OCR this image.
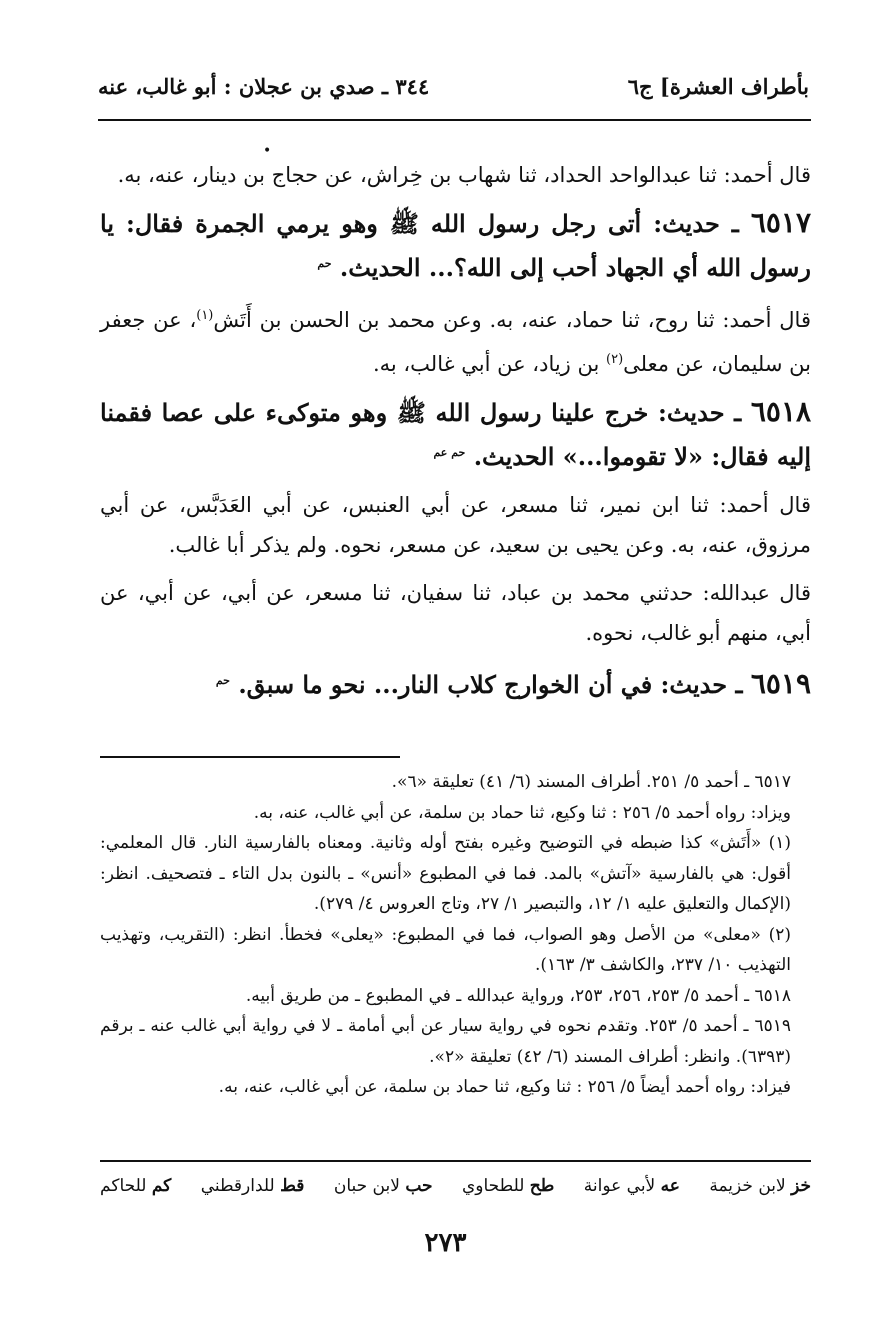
بأطراف العشرة] ج٦
٣٤٤ ـ صدي بن عجلان : أبو غالب، عنه
•

قال أحمد: ثنا عبدالواحد الحداد، ثنا شهاب بن خِراش، عن حجاج بن دينار، عنه، به.

٦٥١٧ ـ حديث: أتى رجل رسول الله ﷺ وهو يرمي الجمرة فقال: يا رسول الله أي الجهاد أحب إلى الله؟... الحديث. $^{حم}$

قال أحمد: ثنا روح، ثنا حماد، عنه، به. وعن محمد بن الحسن بن أَتَش$^{(١)}$، عن جعفر بن سليمان، عن معلى$^{(٢)}$ بن زياد، عن أبي غالب، به.

٦٥١٨ ـ حديث: خرج علينا رسول الله ﷺ وهو متوكىء على عصا فقمنا إليه فقال: «لا تقوموا...» الحديث. $^{حم عم}$

قال أحمد: ثنا ابن نمير، ثنا مسعر، عن أبي العنبس، عن أبي العَدَبَّس، عن أبي مرزوق، عنه، به. وعن يحيى بن سعيد، عن مسعر، نحوه. ولم يذكر أبا غالب.

قال عبدالله: حدثني محمد بن عباد، ثنا سفيان، ثنا مسعر، عن أبي، عن أبي، عن أبي، منهم أبو غالب، نحوه.

٦٥١٩ ـ حديث: في أن الخوارج كلاب النار... نحو ما سبق. $^{حم}$

٦٥١٧ ـ أحمد ٥/ ٢٥١. أطراف المسند (٦/ ٤١) تعليقة «٦».

ويزاد: رواه أحمد ٥/ ٢٥٦ : ثنا وكيع، ثنا حماد بن سلمة، عن أبي غالب، عنه، به.

(١) «أَتَش» كذا ضبطه في التوضيح وغيره بفتح أوله وثانية. ومعناه بالفارسية النار. قال المعلمي: أقول: هي بالفارسية «آتش» بالمد. فما في المطبوع «أنس» ـ بالنون بدل التاء ـ فتصحيف. انظر: (الإكمال والتعليق عليه ١/ ١٢، والتبصير ١/ ٢٧، وتاج العروس ٤/ ٢٧٩).

(٢) «معلى» من الأصل وهو الصواب، فما في المطبوع: «يعلى» فخطأ. انظر: (التقريب، وتهذيب التهذيب ١٠/ ٢٣٧، والكاشف ٣/ ١٦٣).

٦٥١٨ ـ أحمد ٥/ ٢٥٣، ٢٥٦، ٢٥٣، ورواية عبدالله ـ في المطبوع ـ من طريق أبيه.

٦٥١٩ ـ أحمد ٥/ ٢٥٣. وتقدم نحوه في رواية سيار عن أبي أمامة ـ لا في رواية أبي غالب عنه ـ برقم (٦٣٩٣). وانظر: أطراف المسند (٦/ ٤٢) تعليقة «٢».

فيزاد: رواه أحمد أيضاً ٥/ ٢٥٦ : ثنا وكيع، ثنا حماد بن سلمة، عن أبي غالب، عنه، به.

خز لابن خزيمة
عه لأبي عوانة
طح للطحاوي
حب لابن حبان
قط للدارقطني
كم للحاكم
٢٧٣
